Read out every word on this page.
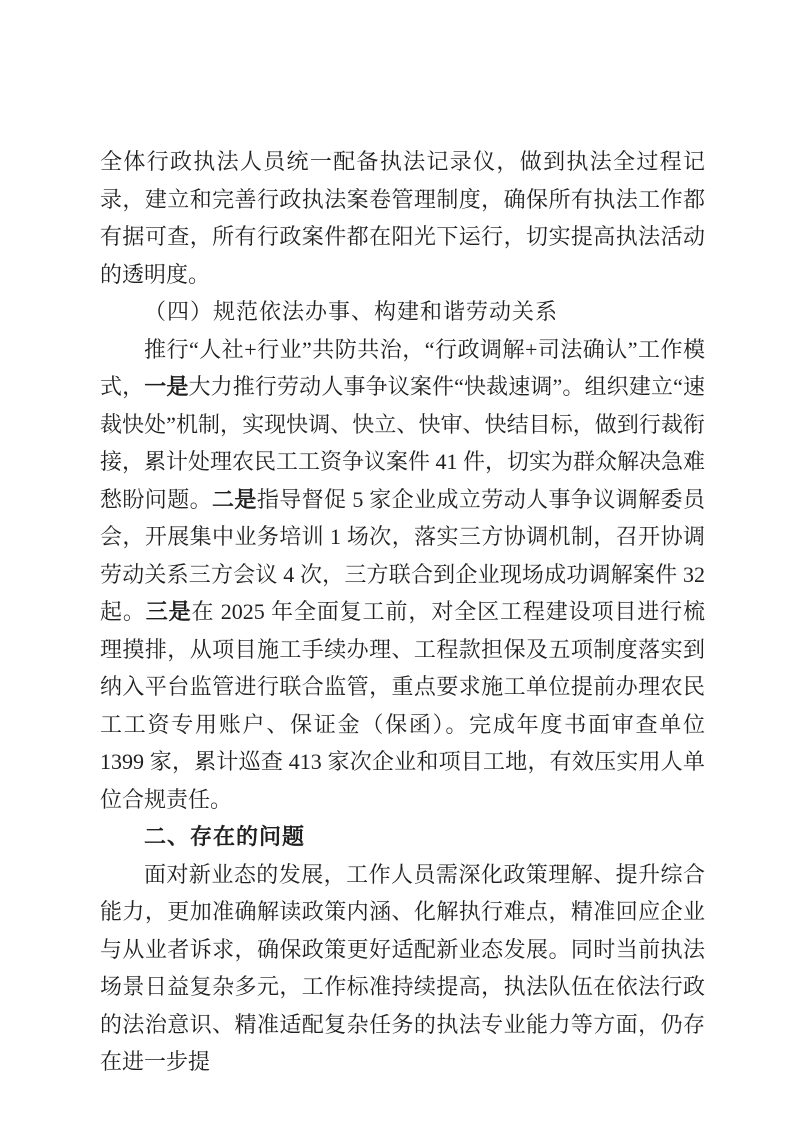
全体行政执法人员统一配备执法记录仪，做到执法全过程记录，建立和完善行政执法案卷管理制度，确保所有执法工作都有据可查，所有行政案件都在阳光下运行，切实提高执法活动的透明度。

（四）规范依法办事、构建和谐劳动关系

推行“人社+行业”共防共治，“行政调解+司法确认”工作模式，一是大力推行劳动人事争议案件“快裁速调”。组织建立“速裁快处”机制，实现快调、快立、快审、快结目标，做到行裁衔接，累计处理农民工工资争议案件 41 件，切实为群众解决急难愁盼问题。二是指导督促 5 家企业成立劳动人事争议调解委员会，开展集中业务培训 1 场次，落实三方协调机制，召开协调劳动关系三方会议 4 次，三方联合到企业现场成功调解案件 32 起。三是在 2025 年全面复工前，对全区工程建设项目进行梳理摸排，从项目施工手续办理、工程款担保及五项制度落实到纳入平台监管进行联合监管，重点要求施工单位提前办理农民工工资专用账户、保证金（保函）。完成年度书面审查单位 1399 家，累计巡查 413 家次企业和项目工地，有效压实用人单位合规责任。

二、存在的问题

面对新业态的发展，工作人员需深化政策理解、提升综合能力，更加准确解读政策内涵、化解执行难点，精准回应企业与从业者诉求，确保政策更好适配新业态发展。同时当前执法场景日益复杂多元，工作标准持续提高，执法队伍在依法行政的法治意识、精准适配复杂任务的执法专业能力等方面，仍存在进一步提
